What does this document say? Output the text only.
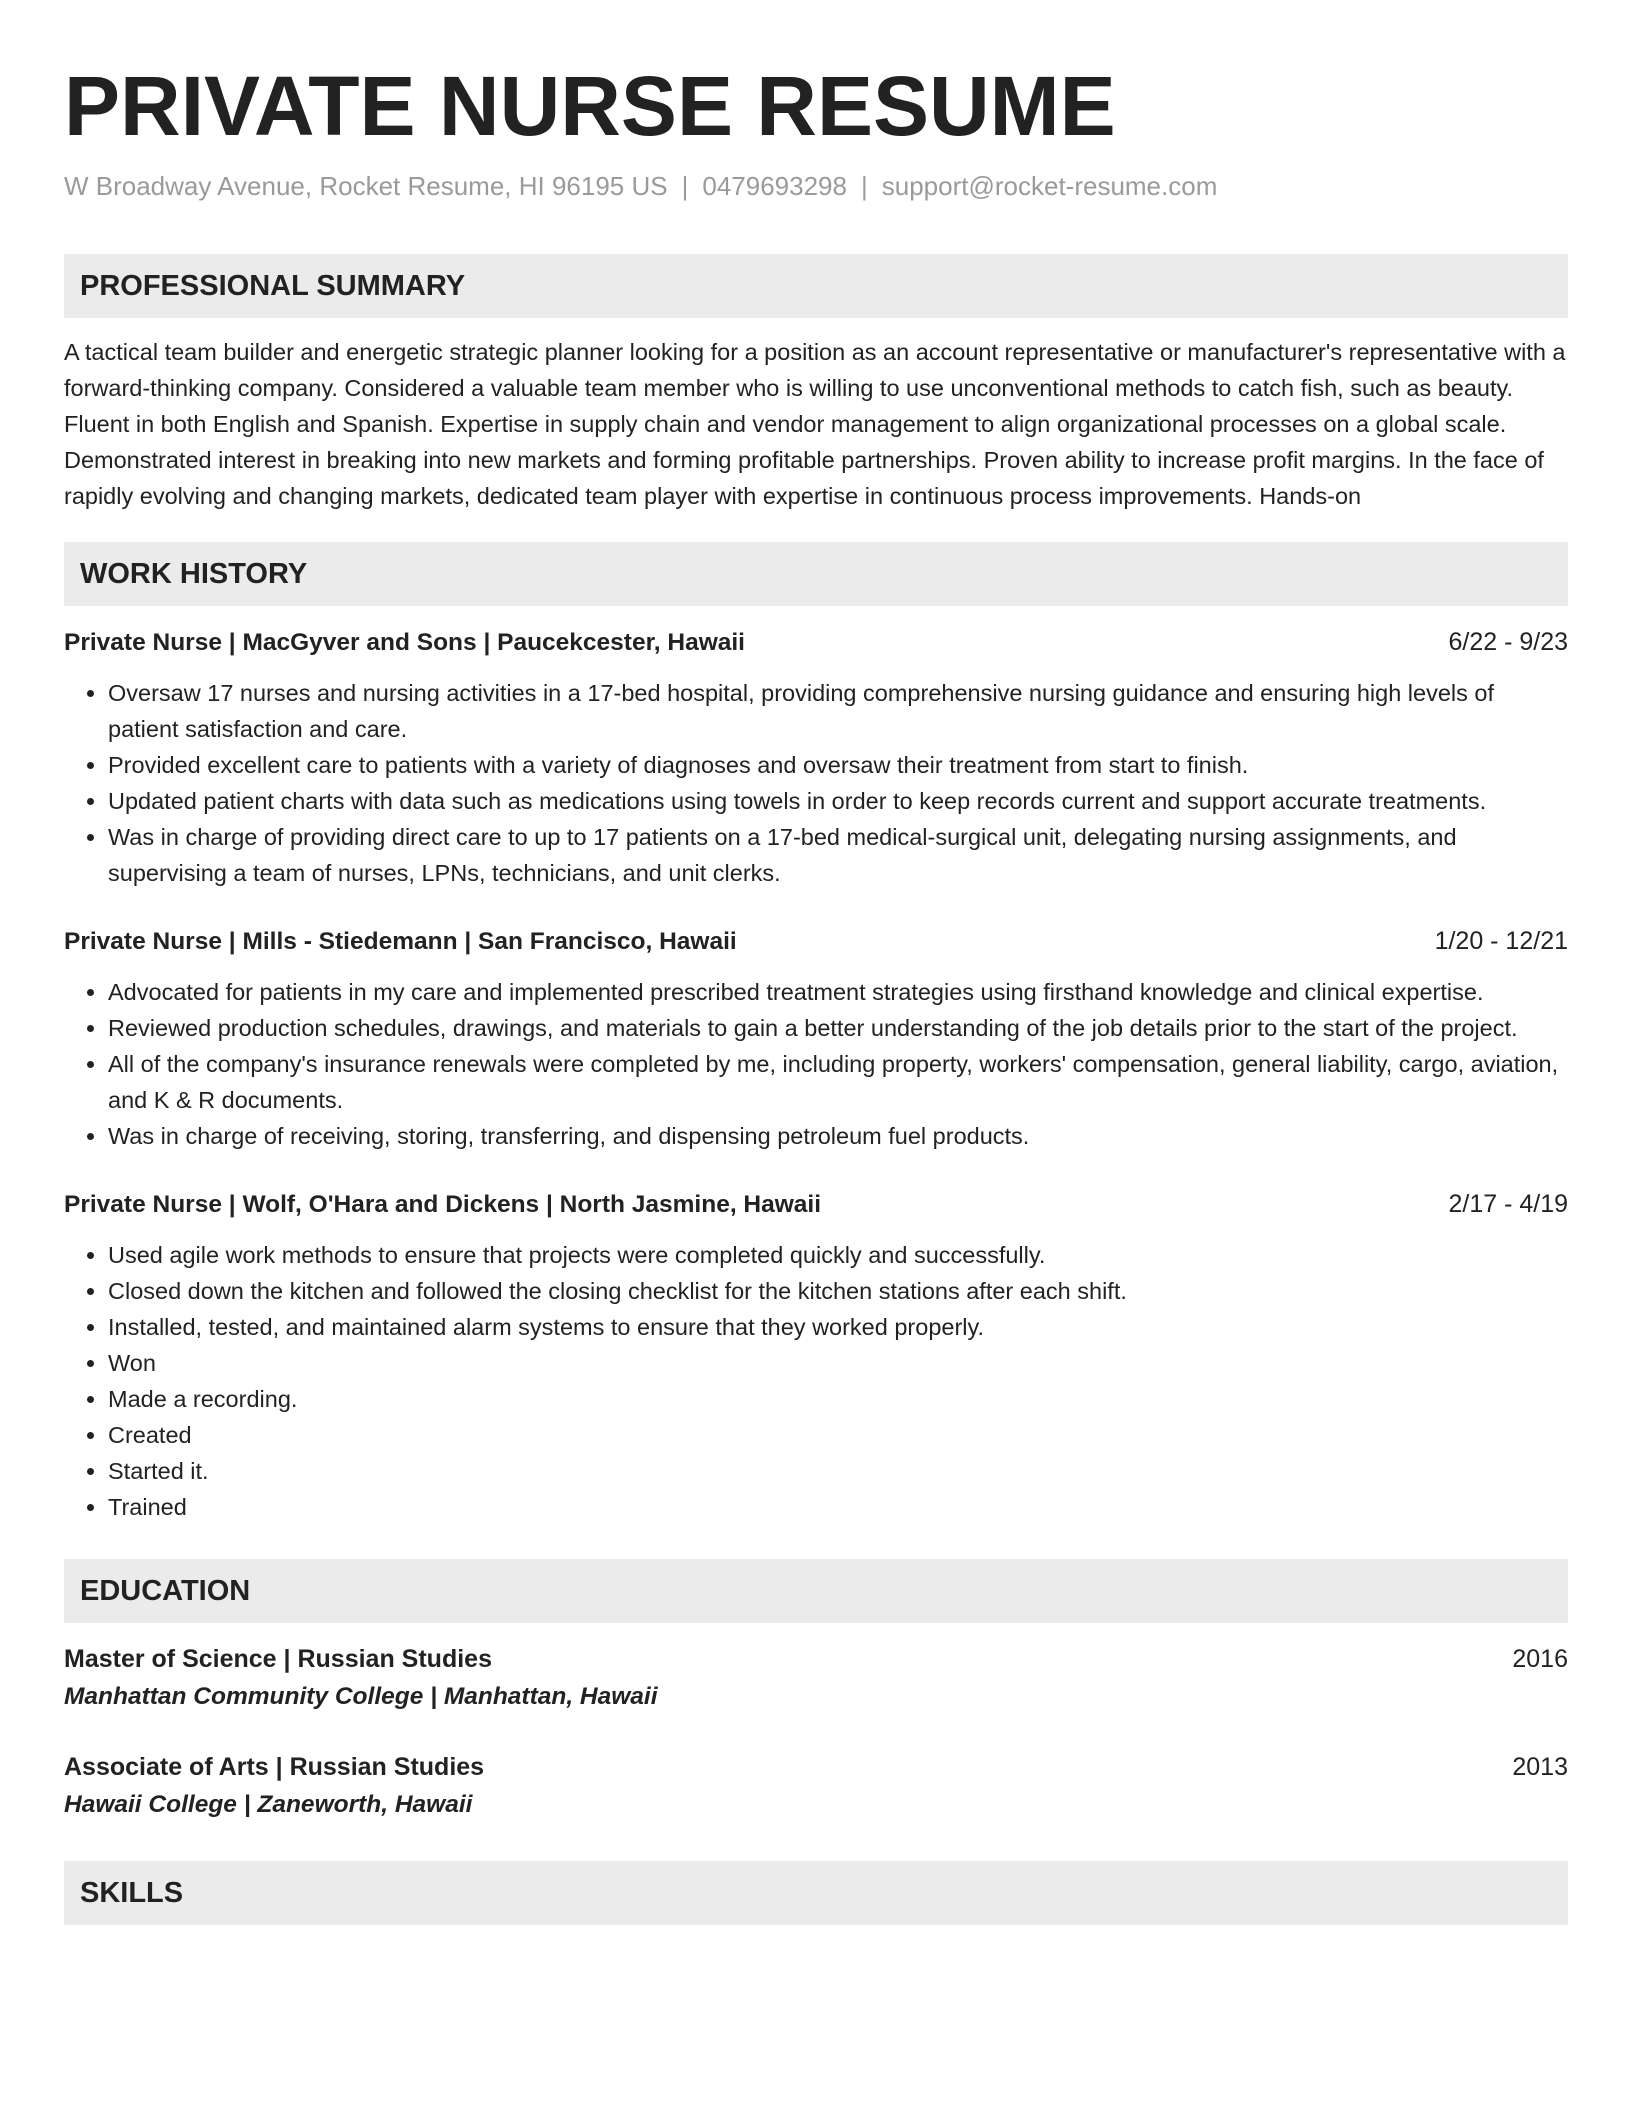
PRIVATE NURSE RESUME
W Broadway Avenue, Rocket Resume, HI 96195 US | 0479693298 | support@rocket-resume.com
PROFESSIONAL SUMMARY
A tactical team builder and energetic strategic planner looking for a position as an account representative or manufacturer's representative with a forward-thinking company. Considered a valuable team member who is willing to use unconventional methods to catch fish, such as beauty. Fluent in both English and Spanish. Expertise in supply chain and vendor management to align organizational processes on a global scale. Demonstrated interest in breaking into new markets and forming profitable partnerships. Proven ability to increase profit margins. In the face of rapidly evolving and changing markets, dedicated team player with expertise in continuous process improvements. Hands-on
WORK HISTORY
Private Nurse | MacGyver and Sons | Paucekcester, Hawaii	6/22 - 9/23
• Oversaw 17 nurses and nursing activities in a 17-bed hospital, providing comprehensive nursing guidance and ensuring high levels of patient satisfaction and care.
• Provided excellent care to patients with a variety of diagnoses and oversaw their treatment from start to finish.
• Updated patient charts with data such as medications using towels in order to keep records current and support accurate treatments.
• Was in charge of providing direct care to up to 17 patients on a 17-bed medical-surgical unit, delegating nursing assignments, and supervising a team of nurses, LPNs, technicians, and unit clerks.
Private Nurse | Mills - Stiedemann | San Francisco, Hawaii	1/20 - 12/21
• Advocated for patients in my care and implemented prescribed treatment strategies using firsthand knowledge and clinical expertise.
• Reviewed production schedules, drawings, and materials to gain a better understanding of the job details prior to the start of the project.
• All of the company's insurance renewals were completed by me, including property, workers' compensation, general liability, cargo, aviation, and K & R documents.
• Was in charge of receiving, storing, transferring, and dispensing petroleum fuel products.
Private Nurse | Wolf, O'Hara and Dickens | North Jasmine, Hawaii	2/17 - 4/19
• Used agile work methods to ensure that projects were completed quickly and successfully.
• Closed down the kitchen and followed the closing checklist for the kitchen stations after each shift.
• Installed, tested, and maintained alarm systems to ensure that they worked properly.
• Won
• Made a recording.
• Created
• Started it.
• Trained
EDUCATION
Master of Science | Russian Studies	2016
Manhattan Community College | Manhattan, Hawaii
Associate of Arts | Russian Studies	2013
Hawaii College | Zaneworth, Hawaii
SKILLS
